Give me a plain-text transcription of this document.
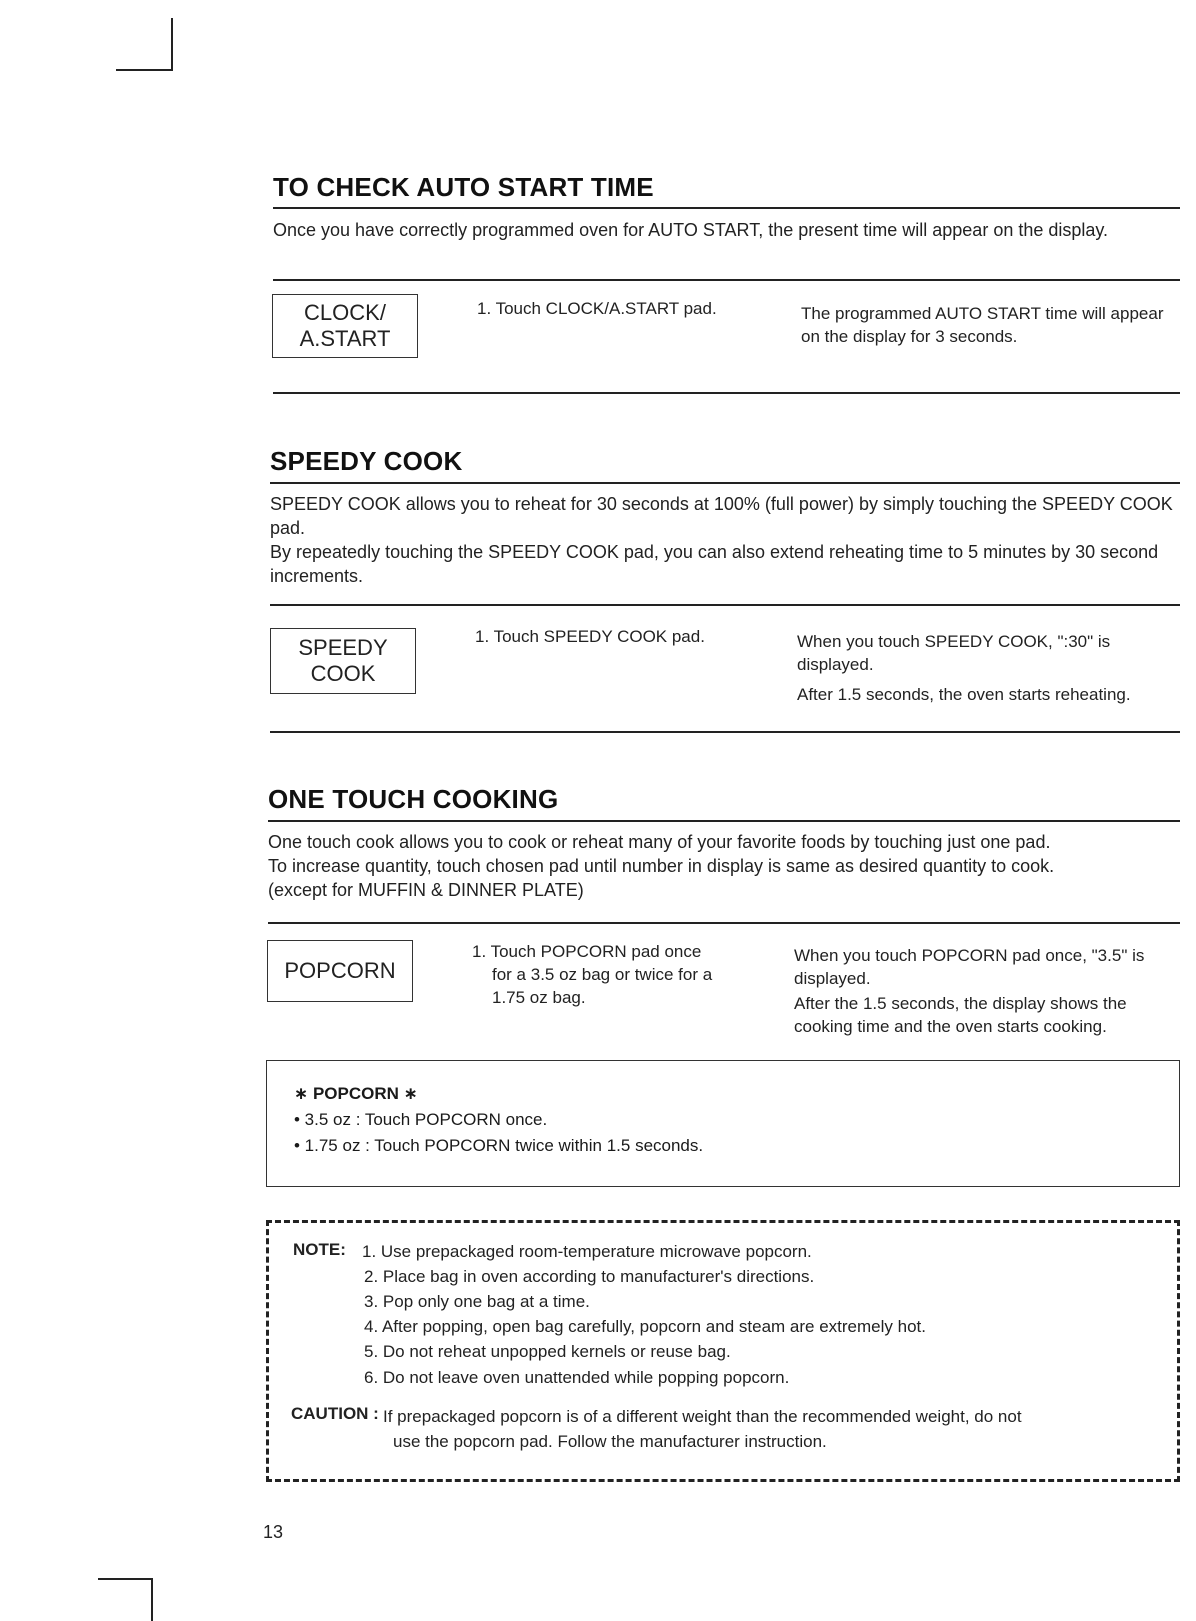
TO CHECK AUTO START TIME
Once you have correctly programmed oven for AUTO START, the present time will appear on the display.
CLOCK/
A.START
1. Touch CLOCK/A.START pad.	The programmed AUTO START time will appear on the display for 3 seconds.
SPEEDY COOK
SPEEDY COOK allows you to reheat for 30 seconds at 100% (full power) by simply touching the SPEEDY COOK pad.
By repeatedly touching the SPEEDY COOK pad, you can also extend reheating time to 5 minutes by 30 second increments.
SPEEDY
COOK
1. Touch SPEEDY COOK pad.	When you touch SPEEDY COOK, ":30" is displayed.
After 1.5 seconds, the oven starts reheating.
ONE TOUCH COOKING
One touch cook allows you to cook or reheat many of your favorite foods by touching just one pad.
To increase quantity, touch chosen pad until number in display is same as desired quantity to cook.
(except for MUFFIN & DINNER PLATE)
POPCORN
1. Touch POPCORN pad once
for a 3.5 oz bag or twice for a
1.75 oz bag.
When you touch POPCORN pad once, "3.5" is displayed.
After the 1.5 seconds, the display shows the cooking time and the oven starts cooking.
∗ POPCORN ∗
• 3.5 oz : Touch POPCORN once.
• 1.75 oz : Touch POPCORN twice within 1.5 seconds.
NOTE: 1. Use prepackaged room-temperature microwave popcorn.
2. Place bag in oven according to manufacturer's directions.
3. Pop only one bag at a time.
4. After popping, open bag carefully, popcorn and steam are extremely hot.
5. Do not reheat unpopped kernels or reuse bag.
6. Do not leave oven unattended while popping popcorn.
CAUTION : If prepackaged popcorn is of a different weight than the recommended weight, do not
use the popcorn pad. Follow the manufacturer instruction.
13
